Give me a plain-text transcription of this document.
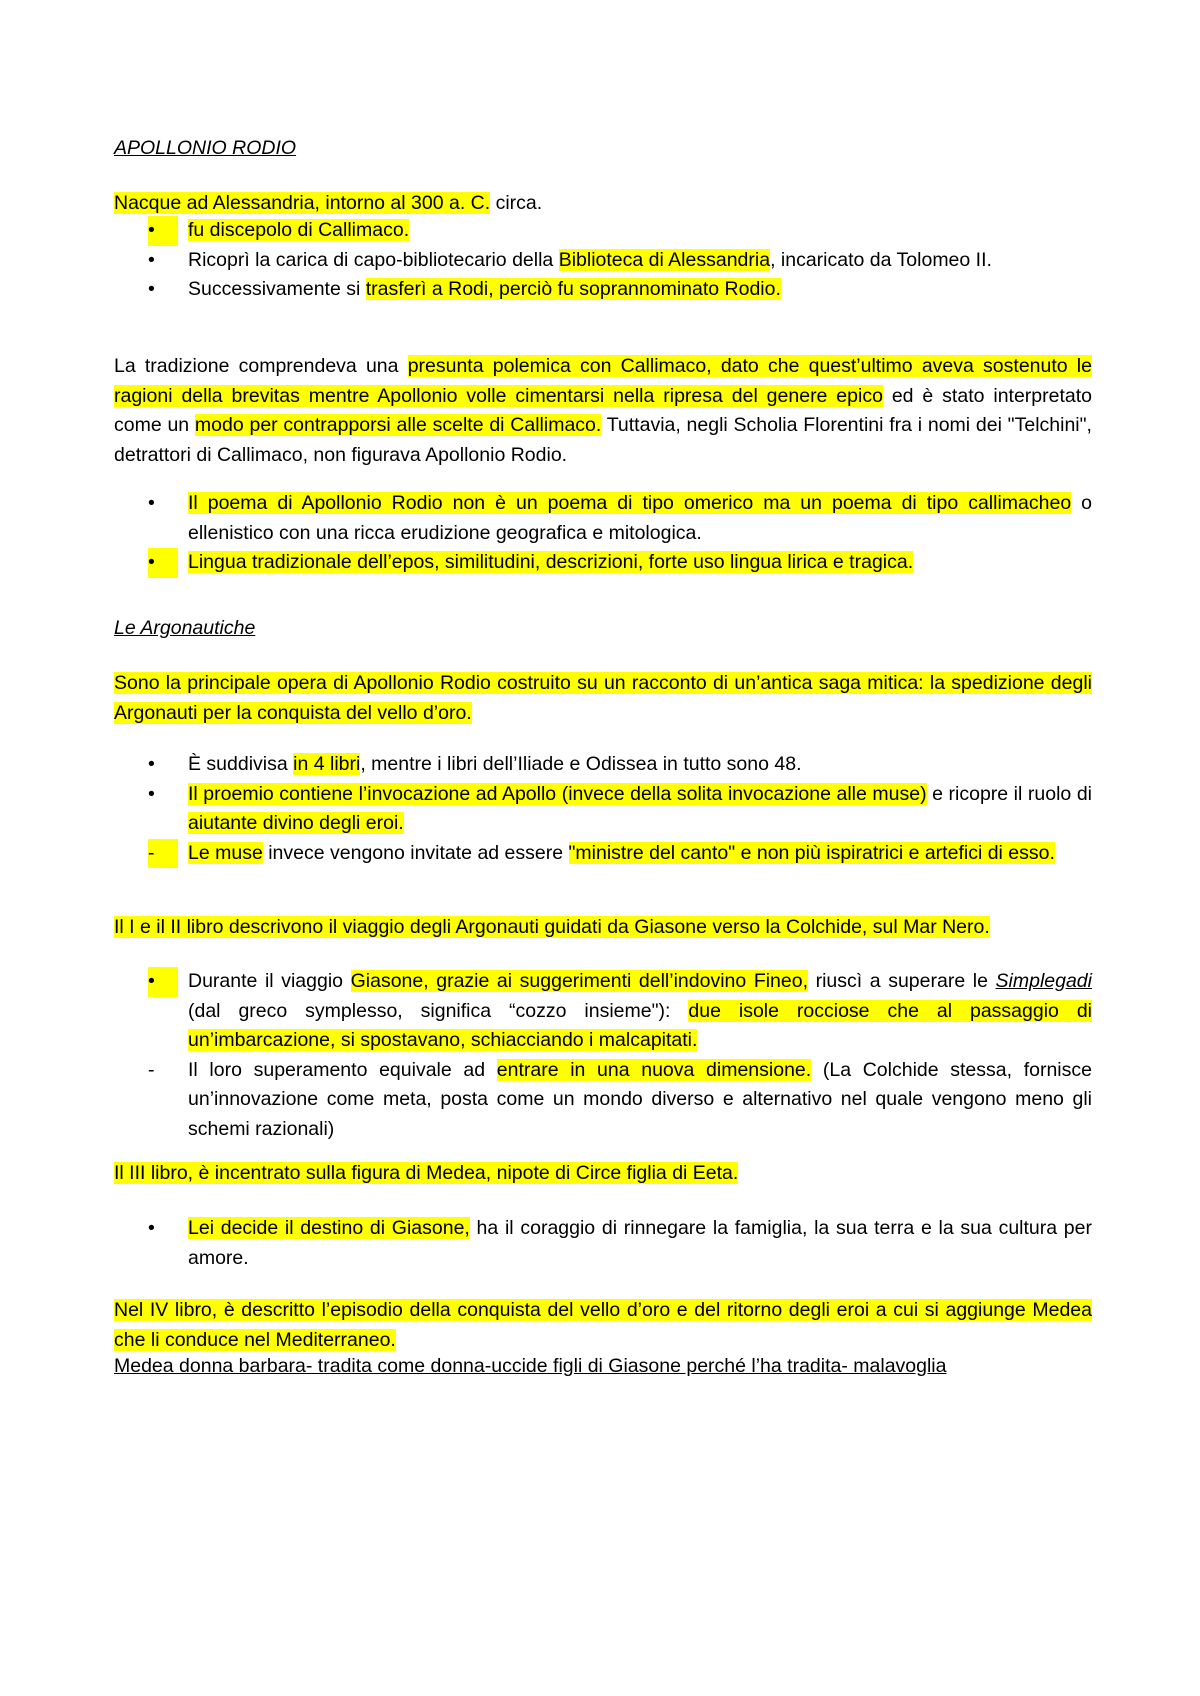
APOLLONIO RODIO

Nacque ad Alessandria, intorno al 300 a. C. circa.

•	fu discepolo di Callimaco.
•	Ricoprì la carica di capo-bibliotecario della Biblioteca di Alessandria, incaricato da Tolomeo II.
•	Successivamente si trasferì a Rodi, perciò fu soprannominato Rodio.

La tradizione comprendeva una presunta polemica con Callimaco, dato che quest’ultimo aveva sostenuto le ragioni della brevitas mentre Apollonio volle cimentarsi nella ripresa del genere epico ed è stato interpretato come un modo per contrapporsi alle scelte di Callimaco. Tuttavia, negli Scholia Florentini fra i nomi dei "Telchini", detrattori di Callimaco, non figurava Apollonio Rodio.

•	Il poema di Apollonio Rodio non è un poema di tipo omerico ma un poema di tipo callimacheo o ellenistico con una ricca erudizione geografica e mitologica.
•	Lingua tradizionale dell’epos, similitudini, descrizioni, forte uso lingua lirica e tragica.

Le Argonautiche

Sono la principale opera di Apollonio Rodio costruito su un racconto di un’antica saga mitica: la spedizione degli Argonauti per la conquista del vello d’oro.

•	È suddivisa in 4 libri, mentre i libri dell’Iliade e Odissea in tutto sono 48.
•	Il proemio contiene l’invocazione ad Apollo (invece della solita invocazione alle muse) e ricopre il ruolo di aiutante divino degli eroi.
-	Le muse invece vengono invitate ad essere "ministre del canto" e non più ispiratrici e artefici di esso.

Il I e il II libro descrivono il viaggio degli Argonauti guidati da Giasone verso la Colchide, sul Mar Nero.

•	Durante il viaggio Giasone, grazie ai suggerimenti dell’indovino Fineo, riuscì a superare le Simplegadi (dal greco symplesso, significa “cozzo insieme"): due isole rocciose che al passaggio di un’imbarcazione, si spostavano, schiacciando i malcapitati.
-	Il loro superamento equivale ad entrare in una nuova dimensione. (La Colchide stessa, fornisce un’innovazione come meta, posta come un mondo diverso e alternativo nel quale vengono meno gli schemi razionali)

Il III libro, è incentrato sulla figura di Medea, nipote di Circe figlia di Eeta.

•	Lei decide il destino di Giasone, ha il coraggio di rinnegare la famiglia, la sua terra e la sua cultura per amore.

Nel IV libro, è descritto l’episodio della conquista del vello d’oro e del ritorno degli eroi a cui si aggiunge Medea che li conduce nel Mediterraneo.

Medea donna barbara- tradita come donna-uccide figli di Giasone perché l’ha tradita- malavoglia
